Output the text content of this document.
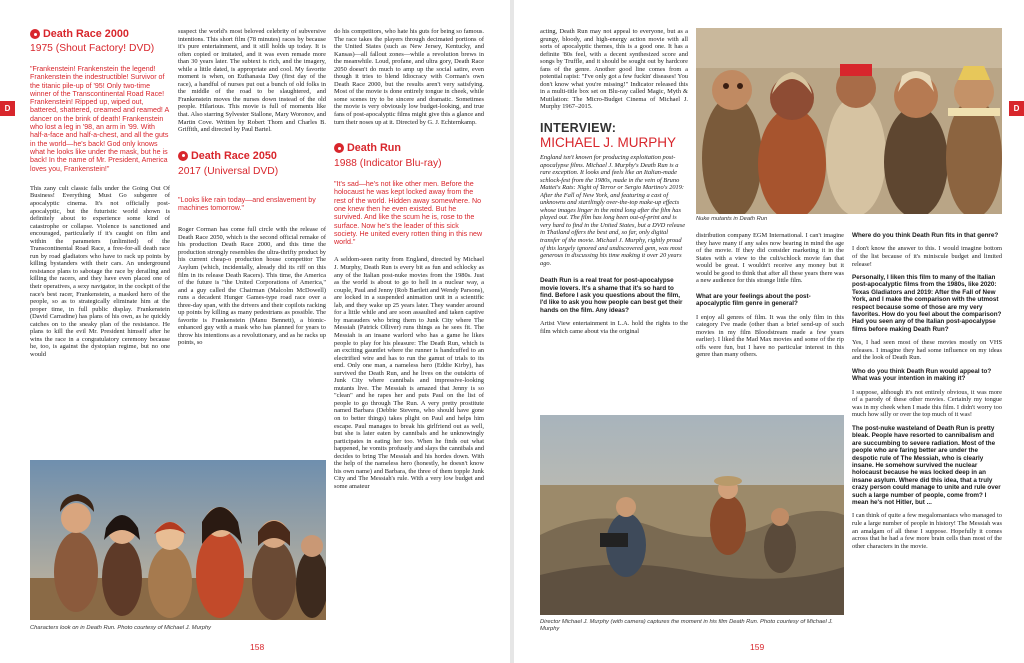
D
Death Race 2000
1975 (Shout Factory! DVD)
"Frankenstein! Frankenstein the legend! Frankenstein the indestructible! Survivor of the titanic pile-up of '95! Only two-time winner of the Transcontinental Road Race! Frankenstein! Ripped up, wiped out, battered, shattered, creamed and reamed! A dancer on the brink of death! Frankenstein who lost a leg in '98, an arm in '99. With half-a-face and half-a-chest, and all the guts in the world—he's back! God only knows what he looks like under the mask, but he is back! In the name of Mr. President, America loves you, Frankenstein!"
This zany cult classic falls under the Going Out Of Business! Everything Must Go subgenre of apocalyptic cinema. It's not officially post-apocalyptic, but the futuristic world shown is definitely about to experience some kind of catastrophe or collapse. Violence is sanctioned and encouraged, particularly if it's caught on film and within the parameters (unlimited) of the Transcontinental Road Race, a free-for-all death race run by road gladiators who have to rack up points by killing bystanders with their cars. An underground resistance plans to sabotage the race by derailing and killing the racers, and they have even placed one of their operatives, a sexy navigator, in the cockpit of the race's best racer, Frankenstein, a masked hero of the people, so as to strategically eliminate him at the proper time, in full public display. Frankenstein (David Carradine) has plans of his own, as he quickly catches on to the sneaky plan of the resistance. He plans to kill the evil Mr. President himself after he wins the race in a congratulatory ceremony because he, too, is against the dystopian regime, but no one would
suspect the world's most beloved celebrity of subversive intentions. This short film (78 minutes) races by because it's pure entertainment, and it still holds up today. It is often copied or imitated, and it was even remade more than 30 years later. The subtext is rich, and the imagery, while a little dated, is appropriate and cool. My favorite moment is when, on Euthanasia Day (first day of the race), a handful of nurses put out a bunch of old folks in the middle of the road to be slaughtered, and Frankenstein moves the nurses down instead of the old people. Hilarious. This movie is full of moments like that. Also starring Sylvester Stallone, Mary Woronov, and Martin Cove. Written by Robert Thom and Charles B. Griffith, and directed by Paul Bartel.
Death Race 2050
2017 (Universal DVD)
"Looks like rain today—and enslavement by machines tomorrow."
Roger Corman has come full circle with the release of Death Race 2050, which is the second official remake of his production Death Race 2000, and this time the production strongly resembles the ultra-thrifty product by his current cheap-o production house competitor The Asylum (which, incidentally, already did its riff on this film in its release Death Racers). This time, the America of the future is "the United Corporations of America," and a guy called the Chairman (Malcolm McDowell) runs a decadent Hunger Games-type road race over a three-day span, with the drivers and their copilots racking up points by killing as many pedestrians as possible. The favorite is Frankenstein (Manu Bennett), a bionic-enhanced guy with a mask who has planned for years to throw his intentions as a revolutionary, and as he racks up points, so
do his competitors, who hate his guts for being so famous. The race takes the players through decimated portions of the United States (such as New Jersey, Kentucky, and Kansas)—all fallout zones—while a revolution brews in the meanwhile. Loud, profane, and ultra gory, Death Race 2050 doesn't do much to amp up the social satire, even though it tries to blend Idiocracy with Corman's own Death Race 2000, but the results aren't very satisfying. Most of the movie is done entirely tongue in cheek, while some scenes try to be sincere and dramatic. Sometimes the movie is very obviously low budget-looking, and true fans of post-apocalyptic films might give this a glance and turn their noses up at it. Directed by G. J. Echternkamp.
Death Run
1988 (Indicator Blu-ray)
"It's sad—he's not like other men. Before the holocaust he was kept locked away from the rest of the world. Hidden away somewhere. No one knew then he even existed. But he survived. And like the scum he is, rose to the surface. Now he's the leader of this sick society. He united every rotten thing in this new world."
A seldom-seen rarity from England, directed by Michael J. Murphy, Death Run is every bit as fun and schlocky as any of the Italian post-nuke movies from the 1980s. Just as the world is about to go to hell in a nuclear way, a couple, Paul and Jenny (Rob Bartlett and Wendy Parsons), are locked in a suspended animation unit in a scientific lab, and they wake up 25 years later. They wander around for a little while and are soon assaulted and taken captive by marauders who bring them to Junk City where The Messiah (Patrick Olliver) runs things as he sees fit. The Messiah is an insane warlord who has a game he likes people to play for his pleasure: The Death Run, which is an exciting gauntlet where the runner is handcuffed to an electrified wire and has to run the gamut of trials to its end. Only one man, a nameless hero (Eddie Kirby), has survived the Death Run, and he lives on the outskirts of Junk City where cannibals and impressive-looking mutants live. The Messiah is amazed that Jenny is so "clean" and he rapes her and puts Paul on the list of people to go through The Run. A very pretty prostitute named Barbara (Debbie Stevens, who should have gone on to better things) takes plight on Paul and helps him escape. Paul manages to break his girlfriend out as well, but she is later eaten by cannibals and he unknowingly participates in eating her too. When he finds out what happened, he vomits profusely and slays the cannibals and decides to bring The Messiah and his hordes down. With the help of the nameless hero (honestly, he doesn't know his own name) and Barbara, the three of them topple Junk City and The Messiah's rule. With a very low budget and some amateur
Characters look on in Death Run. Photo courtesy of Michael J. Murphy
158
D
acting, Death Run may not appeal to everyone, but as a grungy, bloody, and high-energy action movie with all sorts of apocalyptic themes, this is a good one. It has a definite '80s feel, with a decent synthesized score and songs by Truffle, and it should be sought out by hardcore fans of the genre. Another good line comes from a potential rapist: "I've only got a few fuckin' diseases! You don't know what you're missing!" Indicator released this in a multi-title box set on Blu-ray called Magic, Myth & Mutilation: The Micro-Budget Cinema of Michael J. Murphy 1967–2015.
INTERVIEW:
MICHAEL J. MURPHY
England isn't known for producing exploitation post-apocalypse films. Michael J. Murphy's Death Run is a rare exception. It looks and feels like an Italian-made schlock-fest from the 1980s, made in the vein of Bruno Mattei's Rats: Night of Terror or Sergio Martino's 2019: After the Fall of New York, and featuring a cast of unknowns and startlingly over-the-top make-up effects whose images linger in the mind long after the film has played out. The film has long been out-of-print and is very hard to find in the United States, but a DVD release in Thailand offers the best and, so far, only digital transfer of the movie. Michael J. Murphy, rightly proud of this largely ignored and undiscovered gem, was most generous in discussing his time making it over 20 years ago.
Death Run is a real treat for post-apocalypse movie lovers. It's a shame that it's so hard to find. Before I ask you questions about the film, I'd like to ask you how people can best get their hands on the film. Any ideas?
Artist View entertainment in L.A. hold the rights to the film which came about via the original
distribution company EGM International. I can't imagine they have many if any sales now bearing in mind the age of the movie. If they did consider marketing it in the States with a view to the cult/schlock movie fan that would be great. I wouldn't receive any money but it would be good to think that after all these years there was a new audience for this strange little film.
What are your feelings about the post-apocalyptic film genre in general?
I enjoy all genres of film. It was the only film in this category I've made (other than a brief send-up of such movies in my film Bloodstream made a few years earlier). I liked the Mad Max movies and some of the rip offs were fun, but I have no particular interest in this genre than many others.
Where do you think Death Run fits in that genre?
I don't know the answer to this. I would imagine bottom of the list because of it's miniscule budget and limited release!
Personally, I liken this film to many of the Italian post-apocalyptic films from the 1980s, like 2020: Texas Gladiators and 2019: After the Fall of New York, and I make the comparison with the utmost respect because some of those are my very favorites. How do you feel about the comparison? Had you seen any of the Italian post-apocalypse films before making Death Run?
Yes, I had seen most of these movies mostly on VHS releases. I imagine they had some influence on my ideas and the look of Death Run.
Who do you think Death Run would appeal to? What was your intention in making it?
I suppose, although it's not entirely obvious, it was more of a parody of these other movies. Certainly my tongue was in my cheek when I made this film. I didn't worry too much how silly or over the top much of it was!
The post-nuke wasteland of Death Run is pretty bleak. People have resorted to cannibalism and are succumbing to severe radiation. Most of the people who are faring better are under the despotic rule of The Messiah, who is clearly insane. He somehow survived the nuclear holocaust because he was locked deep in an insane asylum. Where did this idea, that a truly crazy person could manage to unite and rule over such a large number of people, come from? I mean he's not Hitler, but ...
I can think of quite a few megalomaniacs who managed to rule a large number of people in history! The Messiah was an amalgam of all these I suppose. Hopefully it comes across that he had a few more brain cells than most of the other characters in the movie.
Nuke mutants in Death Run
Director Michael J. Murphy (with camera) captures the moment in his film Death Run. Photo courtesy of Michael J. Murphy
159
